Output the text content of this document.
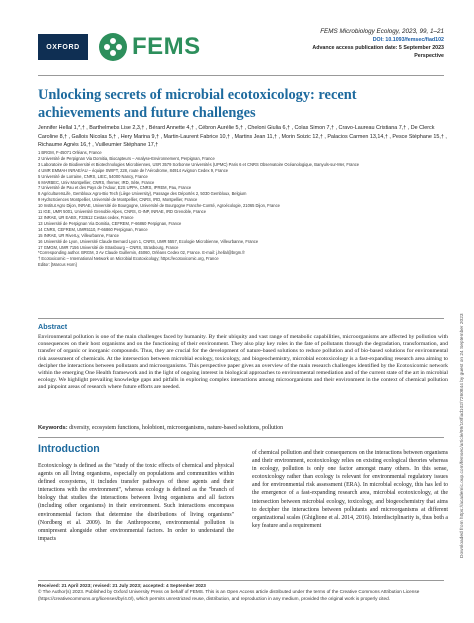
OXFORD FEMS
FEMS Microbiology Ecology, 2023, 99, 1–21
DOI: 10.1093/femsec/fiad102
Advance access publication date: 5 September 2023
Perspective
Unlocking secrets of microbial ecotoxicology: recent achievements and future challenges
Jennifer Hellal 1,*,† , Barthelmebs Lise 2,3,† , Bérard Annette 4,† , Cébron Aurélie 5,† , Cheloni Giulia 6,† , Colas Simon 7,† , Cravo-Laureau Cristiana 7,† , De Clerck Caroline 8,† , Gallois Nicolas 5,† , Hery Marina 9,† , Martin-Laurent Fabrice 10,† , Martins Jean 11,† , Morin Soizic 12,† , Palacios Carmen 13,14,† , Pesce Stéphane 15,† , Richaume Agnès 16,† , Vuilleumier Stéphane 17,†
1 BRGM, F-45071 Orléans, France
2 Université de Perpignan Via Domitia, Biocapteurs – Analyse-Environnement, Perpignan, France
3 Laboratoire de Biodiversité et Biotechnologies Microbiennes, USR 3579 Sorbonne Universités (UPMC) Paris 6 et CNRS Observatoire Océanologique, Banyuls-sur-Mer, France
4 UMR EMMAH INRAE/AU – équipe SWIFT, 228, route de l'Aérodrome, 84914 Avignon Cedex 9, France
5 Université de Lorraine, CNRS, LIEC, 54000 Nancy, France
6 MARBEC, Univ Montpellier, CNRS, Ifremer, IRD, Sète, France
7 Université de Pau et des Pays de l'Adour, E2S UPPA, CNRS, IPREM, Pau, France
8 AgricultureIsLife, Gembloux Agro-Bio Tech (Liège University), Passage des Déportés 2, 5030 Gembloux, Belgium
9 HydroSciences Montpellier, Université de Montpellier, CNRS, IRD, Montpellier, France
10 Institut Agro Dijon, INRAE, Université de Bourgogne, Université de Bourgogne Franche-Comté, Agroécologie, 21065 Dijon, France
11 IGE, UMR 5001, Université Grenoble Alpes, CNRS, G-INP, INRAE, IRD Grenoble, France
12 INRAE, UR EABX, F33612 Cestas cedex, France
13 Université de Perpignan Via Domitia, CEFREM, F-66860 Perpignan, France
14 CNRS, CEFREM, UMR5110, F-66860 Perpignan, France
15 INRAE, UR RiverLy, Villeurbanne, France
16 Université de Lyon, Université Claude Bernard Lyon 1, CNRS, UMR 5557, Ecologie Microbienne, Villeurbanne, France
17 GMGM, UMR 7156 Université de Strasbourg – CNRS, Strasbourg, France
*Corresponding author. BRGM, 3 Av Claude Guillemin, 45060, Orléans Cedex 02, France. E-mail: j.hellal@brgm.fr
† Ecotoxicomic – International Network on Microbial Ecotoxicology; https://ecotoxicomic.org, France
Editor: [Marcus Horn]
Downloaded from https://academic.oup.com/femsec/article/99/10/fiad102/7260844 by guest on 24 September 2023
Abstract

Environmental pollution is one of the main challenges faced by humanity. By their ubiquity and vast range of metabolic capabilities, microorganisms are affected by pollution with consequences on their host organisms and on the functioning of their environment. They also play key roles in the fate of pollutants through the degradation, transformation, and transfer of organic or inorganic compounds. Thus, they are crucial for the development of nature-based solutions to reduce pollution and of bio-based solutions for environmental risk assessment of chemicals. At the intersection between microbial ecology, toxicology, and biogeochemistry, microbial ecotoxicology is a fast-expanding research area aiming to decipher the interactions between pollutants and microorganisms. This perspective paper gives an overview of the main research challenges identified by the Ecotoxicomic network within the emerging One Health framework and in the light of ongoing interest in biological approaches to environmental remediation and of the current state of the art in microbial ecology. We highlight prevailing knowledge gaps and pitfalls in exploring complex interactions among microorganisms and their environment in the context of chemical pollution and pinpoint areas of research where future efforts are needed.

Keywords: diversity, ecosystem functions, holobiont, microorganisms, nature-based solutions, pollution
Introduction

Ecotoxicology is defined as the "study of the toxic effects of chemical and physical agents on all living organisms, especially on populations and communities within defined ecosystems, it includes transfer pathways of these agents and their interactions with the environment", whereas ecology is defined as the "branch of biology that studies the interactions between living organisms and all factors (including other organisms) in their environment. Such interactions encompass environmental factors that determine the distributions of living organisms" (Nordberg et al. 2009). In the Anthropocene, environmental pollution is omnipresent alongside other environmental factors. In order to understand the impacts

of chemical pollution and their consequences on the interactions between organisms and their environment, ecotoxicology relies on existing ecological theories whereas in ecology, pollution is only one factor amongst many others. In this sense, ecotoxicology rather than ecology is relevant for environmental regulatory issues and for environmental risk assessment (ERA). In microbial ecology, this has led to the emergence of a fast-expanding research area, microbial ecotoxicology, at the intersection between microbial ecology, toxicology, and biogeochemistry that aims to decipher the interactions between pollutants and microorganisms at different organizational scales (Ghiglione et al. 2014, 2016). Interdisciplinarity is, thus both a key feature and a requirement

Received: 21 April 2023; revised: 21 July 2023; accepted: 4 September 2023
© The Author(s) 2023. Published by Oxford University Press on behalf of FEMS. This is an Open Access article distributed under the terms of the Creative Commons Attribution License (https://creativecommons.org/licenses/by/4.0/), which permits unrestricted reuse, distribution, and reproduction in any medium, provided the original work is properly cited.
